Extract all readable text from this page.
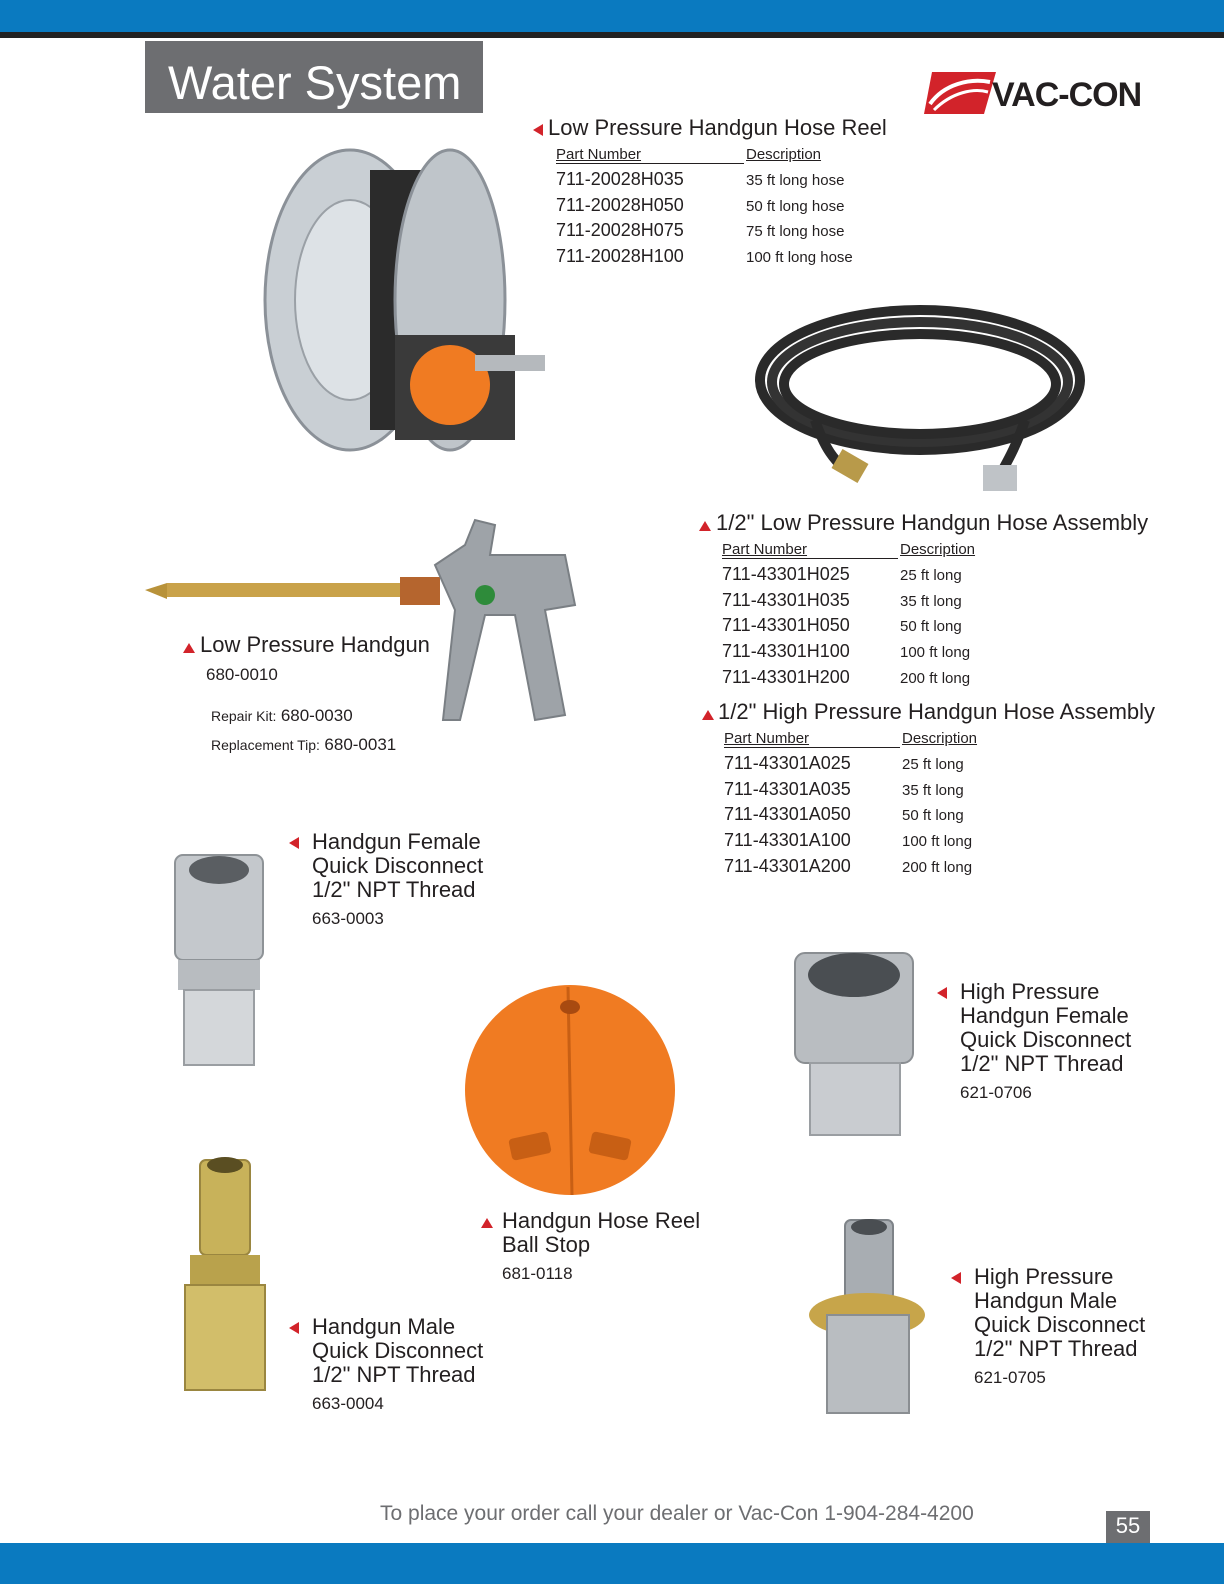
Water System	VAC-CON
Low Pressure Handgun Hose Reel
Part Number	Description
711-20028H035	35 ft long hose
711-20028H050	50 ft long hose
711-20028H075	75 ft long hose
711-20028H100	100 ft long hose
1/2" Low Pressure Handgun Hose Assembly
Part Number	Description
711-43301H025	25 ft long
711-43301H035	35 ft long
711-43301H050	50 ft long
711-43301H100	100 ft long
711-43301H200	200 ft long
1/2" High Pressure Handgun Hose Assembly
Part Number	Description
711-43301A025	25 ft long
711-43301A035	35 ft long
711-43301A050	50 ft long
711-43301A100	100 ft long
711-43301A200	200 ft long
Low Pressure Handgun
680-0010
Repair Kit: 680-0030
Replacement Tip: 680-0031
Handgun Female
Quick Disconnect
1/2" NPT Thread
663-0003
Handgun Hose Reel
Ball Stop
681-0118
High Pressure
Handgun Female
Quick Disconnect
1/2" NPT Thread
621-0706
Handgun Male
Quick Disconnect
1/2" NPT Thread
663-0004
High Pressure
Handgun Male
Quick Disconnect
1/2" NPT Thread
621-0705
To place your order call your dealer or Vac-Con 1-904-284-4200	55
